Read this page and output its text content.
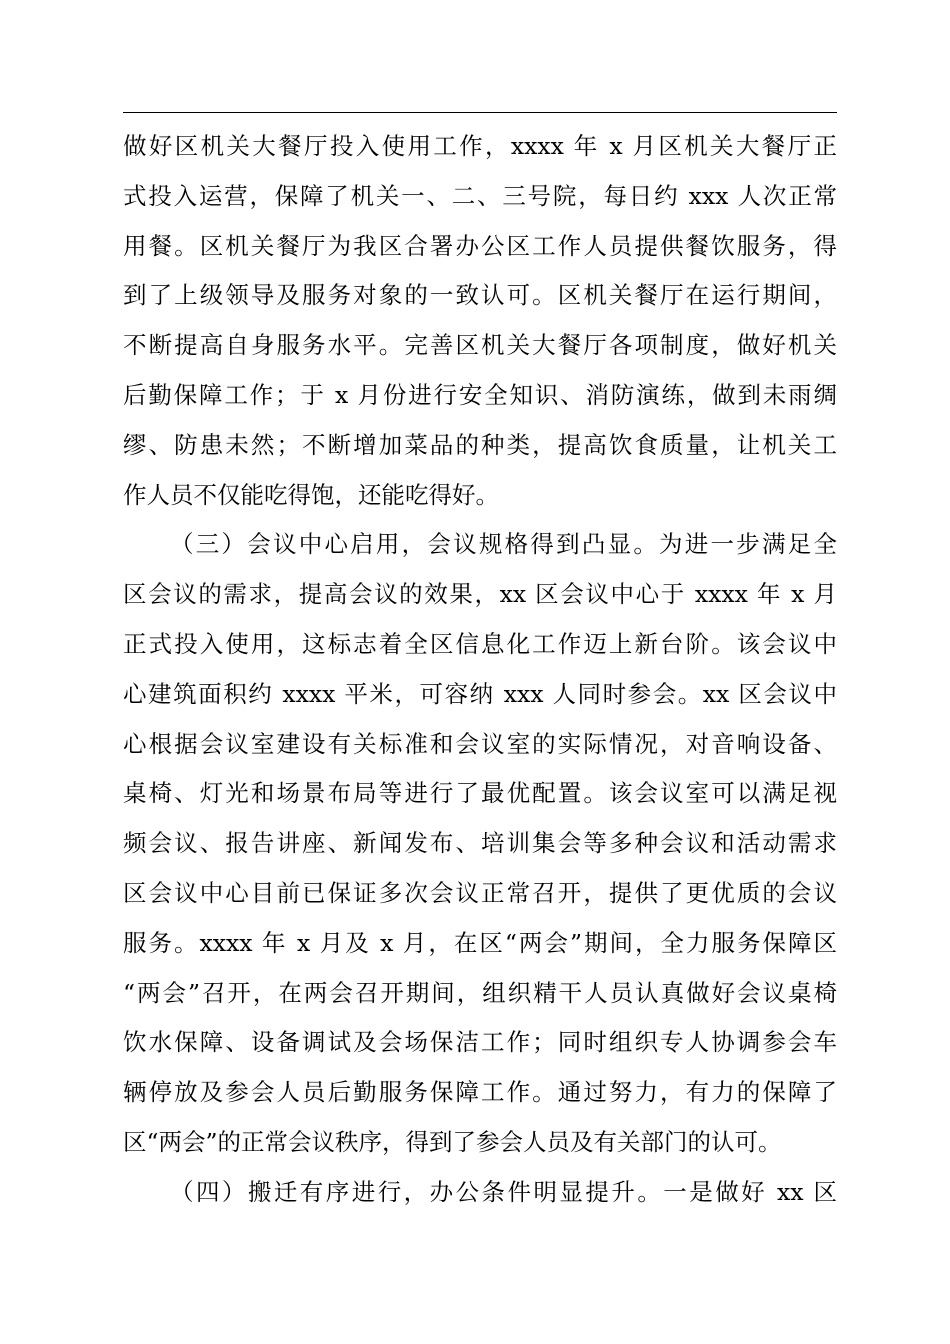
做好区机关大餐厅投入使用工作，xxxx 年 x 月区机关大餐厅正
式投入运营，保障了机关一、二、三号院，每日约 xxx 人次正常
用餐。区机关餐厅为我区合署办公区工作人员提供餐饮服务，得
到了上级领导及服务对象的一致认可。区机关餐厅在运行期间，
不断提高自身服务水平。完善区机关大餐厅各项制度，做好机关
后勤保障工作；于 x 月份进行安全知识、消防演练，做到未雨绸
缪、防患未然；不断增加菜品的种类，提高饮食质量，让机关工
作人员不仅能吃得饱，还能吃得好。
（三）会议中心启用，会议规格得到凸显。为进一步满足全
区会议的需求，提高会议的效果，xx 区会议中心于 xxxx 年 x 月
正式投入使用，这标志着全区信息化工作迈上新台阶。该会议中
心建筑面积约 xxxx 平米，可容纳 xxx 人同时参会。xx 区会议中
心根据会议室建设有关标准和会议室的实际情况，对音响设备、
桌椅、灯光和场景布局等进行了最优配置。该会议室可以满足视
频会议、报告讲座、新闻发布、培训集会等多种会议和活动需求
区会议中心目前已保证多次会议正常召开，提供了更优质的会议
服务。xxxx 年 x 月及 x 月，在区“两会”期间，全力服务保障区
“两会”召开，在两会召开期间，组织精干人员认真做好会议桌椅
饮水保障、设备调试及会场保洁工作；同时组织专人协调参会车
辆停放及参会人员后勤服务保障工作。通过努力，有力的保障了
区“两会”的正常会议秩序，得到了参会人员及有关部门的认可。
（四）搬迁有序进行，办公条件明显提升。一是做好 xx 区
